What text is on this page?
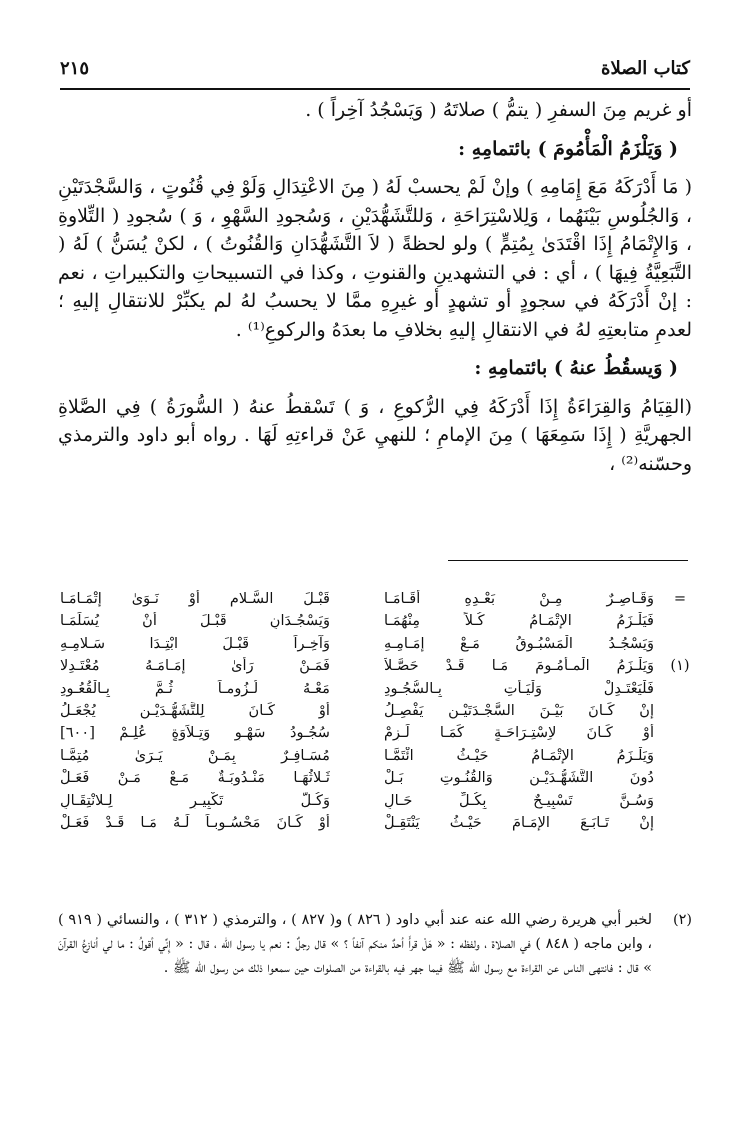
كتاب الصلاة
٢١٥

أو غريم مِنَ السفرِ ( يتمُّ ) صلاتَهُ ( وَيَسْجُدُ آخِراً ) .

( وَيَلْزَمُ الْمَأْمُومَ ) بائتمامِهِ :

( مَا أَدْرَكَهُ مَعَ إِمَامِهِ ) وإنْ لَمْ يحسبْ لَهُ ( مِنَ الاعْتِدَالِ وَلَوْ فِي قُنُوتٍ ، وَالسَّجْدَتَيْنِ ، وَالجُلُوسِ بَيْنَهُما ، وَلِلاسْتِرَاحَةِ ، وَللتَّشَهُّدَيْنِ ، وَسُجودِ السَّهْوِ ، وَ ) سُجودِ ( التِّلاوةِ ، وَالإِتْمَامُ إِذَا اقْتَدَىٰ بِمُتِمٍّ ) ولو لحظةً ( لاَ التَّشَهُّدَانِ وَالقُنُوتُ ) ، لكنْ يُسَنُّ ) لَهُ ( التَّبَعِيَّةُ فِيهَا ) ، أي : في التشهدينِ والقنوتِ ، وكذا في التسبيحاتِ والتكبيراتِ ، نعم : إنْ أَدْرَكَهُ في سجودٍ أو تشهدٍ أو غيرِهِ ممَّا لا يحسبُ لهُ لم يكبِّرْ للانتقالِ إليهِ ؛ لعدمِ متابعتِهِ لهُ في الانتقالِ إليهِ بخلافِ ما بعدَهُ والركوعِ⁽¹⁾ .

( وَيسقُطُ عنهُ ) بائتمامِهِ :

(القِيَامُ وَالقِرَاءَةُ إِذَا أَدْرَكَهُ فِي الرُّكوعِ ، وَ ) تَسْقطُ عنهُ ( السُّورَةُ ) فِي الصَّلاةِ الجهريَّةِ ( إِذَا سَمِعَهَا ) مِنَ الإمامِ ؛ للنهيِ عَنْ قراءتِهِ لَهَا . رواه أبو داود والترمذي وحسّنه⁽²⁾ ،

=
وَقَـاصِـرٌ مِـنْ بَعْـدِهِ أَقَـامَـا
قَبْـلَ السَّـلامِ أَوْ نَـوَىٰ إِتْمَـامَـا
فَيَلْـزَمُ الإِتْمَـامُ كُـلاً مِنْهُمَـا
وَيَسْجُـدَانِ قَبْـلَ أَنْ يُسَلِّمَـا
وَيَسْجُـدُ الْمَسْبُـوقُ مَـعْ إِمَـامِـهِ
وَآخِـراً قَبْـلَ ابْتِـدَا سَـلامِـهِ
(١)
وَيَلْـزَمُ الْمـأْمُـومَ مَـا قَـدْ حَصَّـلاَ
فَمَـنْ رَأَىٰ إِمَـامَـهُ مُعْتَـدِلا
فَلْيَعْتَـدِلْ وَلْيَـأْتِ بِـالسُّجُـودِ
مَعْـهُ لُـزُومـاً ثُـمَّ بِـالْقُعُـودِ
إِنْ كَـانَ بَيْـنَ السَّجْـدَتَيْـنِ يَفْصِـلُ
أَوْ كَـانَ لِلتَّشَهُّـدَيْـنِ يُجْعَـلُ
أَوْ كَـانَ لاِسْتِـرَاحَـةٍ كَمَـا لَـزِمْ
سُجُـودُ سَهْـوٍ وَتِـلاَوَةٍ عُلِـمْ [٦٠٠]
وَيَلْـزَمُ الإِتْمَـامُ حَيْـثُ ائْتَمَّـا
مُسَـافِـرٌ بِمَـنْ يَـرَىٰ مُتِمَّـا
دُونَ التَّشَهُّـدَيْـنِ وَالقُنُـوتِ بَـلْ
ثَـلاثُهَـا مَنْـدُوبَـةٌ مَـعْ مَـنْ فَعَـلْ
وَسُـنَّ تَسْبِيـحٌ بِكُـلِّ حَـالِ
وَكُـلُّ تَكْبِيـرٍ لِـلانْتِقَـالِ
إِنْ تَـابَـعَ الإِمَـامَ حَيْـثُ يَنْتَقِـلْ
أَوْ كَـانَ مَحْسُـوبـاً لَـهُ مَـا قَـدْ فَعَـلْ
(٢)
لخبر أبي هريرة رضي الله عنه عند أبي داود ( ٨٢٦ ) و( ٨٢٧ ) ، والترمذي ( ٣١٢ ) ، والنسائي ( ٩١٩ ) ، وابن ماجه ( ٨٤٨ ) في الصلاة ، ولفظه : « هَلْ قرأَ أحدٌ منكم آنفاً ؟ » قال رجلٌ : نعم يا رسول الله ، قال : « إِنِّي أقولُ : ما لي أنازعُ القرآنَ » قال : فانتهى الناس عن القراءة مع رسول الله ﷺ فيما جهر فيه بالقراءة من الصلوات حين سمعوا ذلك من رسول الله ﷺ .
